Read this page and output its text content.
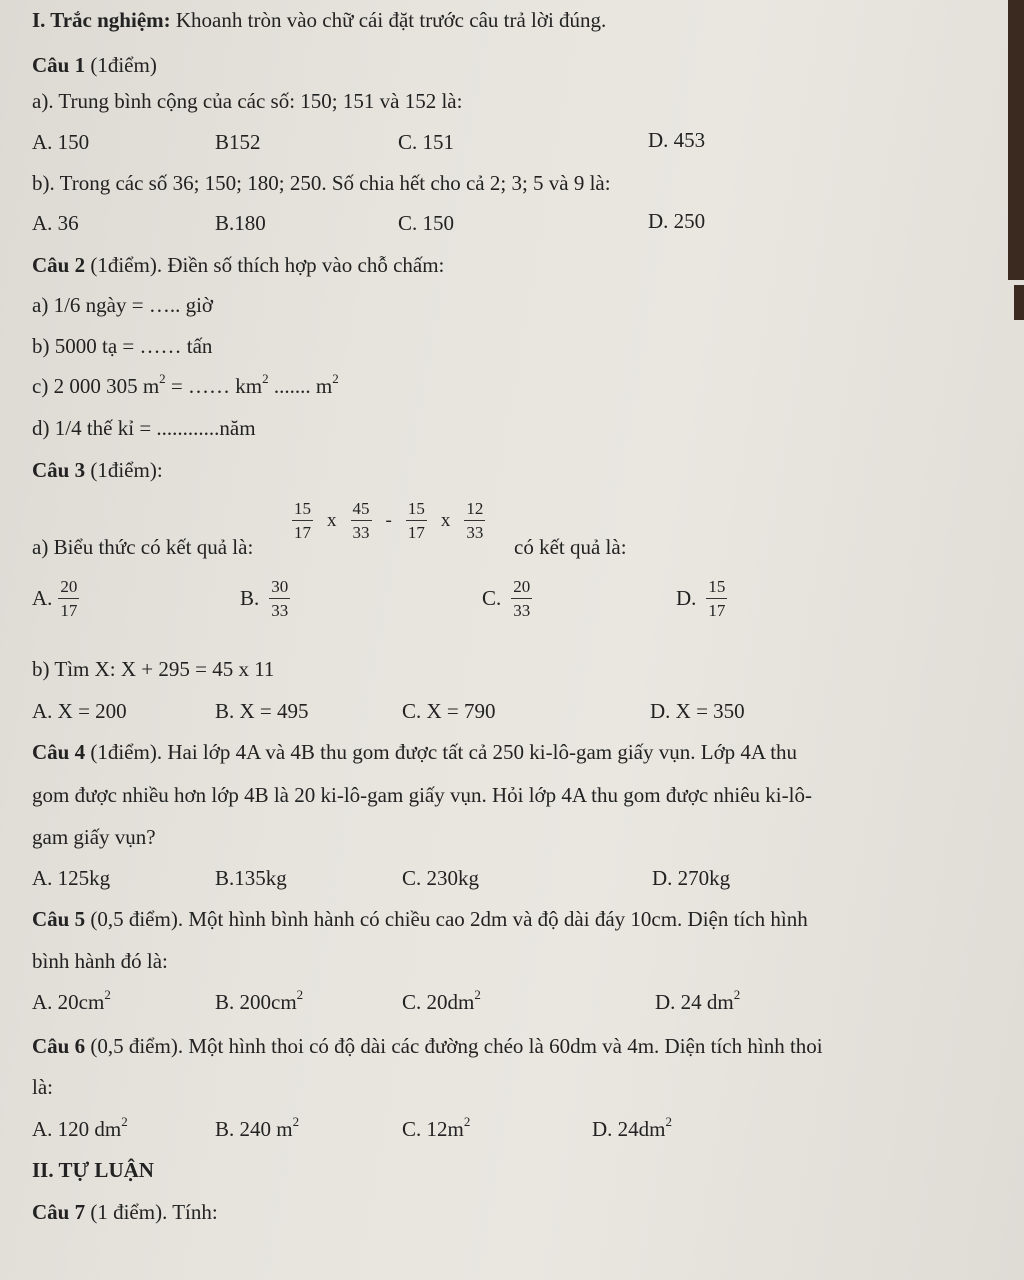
I. Trắc nghiệm: Khoanh tròn vào chữ cái đặt trước câu trả lời đúng.
Câu 1 (1điểm)
a). Trung bình cộng của các số: 150; 151 và 152 là:
A. 150	B152	C. 151	D. 453
b). Trong các số 36; 150; 180; 250. Số chia hết cho cả 2; 3; 5 và 9 là:
A. 36	B.180	C. 150	D. 250
Câu 2 (1điểm). Điền số thích hợp vào chỗ chấm:
a) 1/6 ngày = ….. giờ
b) 5000 tạ = …… tấn
c) 2 000 305 $m^2$ = …… $km^2$ ....... $m^2$
d) 1/4 thế kỉ = ............năm
Câu 3 (1điểm):
a) Biểu thức có kết quả là:
$\frac{15}{17}$ x $\frac{45}{33} - \frac{15}{17}$ x $\frac{12}{33}$
có kết quả là:
A. $\frac{20}{17}$	B. $\frac{30}{33}$	C. $\frac{20}{33}$	D. $\frac{15}{17}$
b) Tìm X: X + 295 = 45 x 11
A. X = 200	B. X = 495	C. X = 790	D. X = 350
Câu 4 (1điểm). Hai lớp 4A và 4B thu gom được tất cả 250 ki-lô-gam giấy vụn. Lớp 4A thu
gom được nhiều hơn lớp 4B là 20 ki-lô-gam giấy vụn. Hỏi lớp 4A thu gom được nhiêu ki-lô-
gam giấy vụn?
A. 125kg	B.135kg	C. 230kg	D. 270kg
Câu 5 (0,5 điểm). Một hình bình hành có chiều cao 2dm và độ dài đáy 10cm. Diện tích hình
bình hành đó là:
A. $20cm^2$	B. $200cm^2$	C. $20dm^2$	D. 24 $dm^2$
Câu 6 (0,5 điểm). Một hình thoi có độ dài các đường chéo là 60dm và 4m. Diện tích hình thoi
là:
A. 120 $dm^2$	B. 240 $m^2$	C. $12m^2$	D. $24dm^2$
II. TỰ LUẬN
Câu 7 (1 điểm). Tính:
